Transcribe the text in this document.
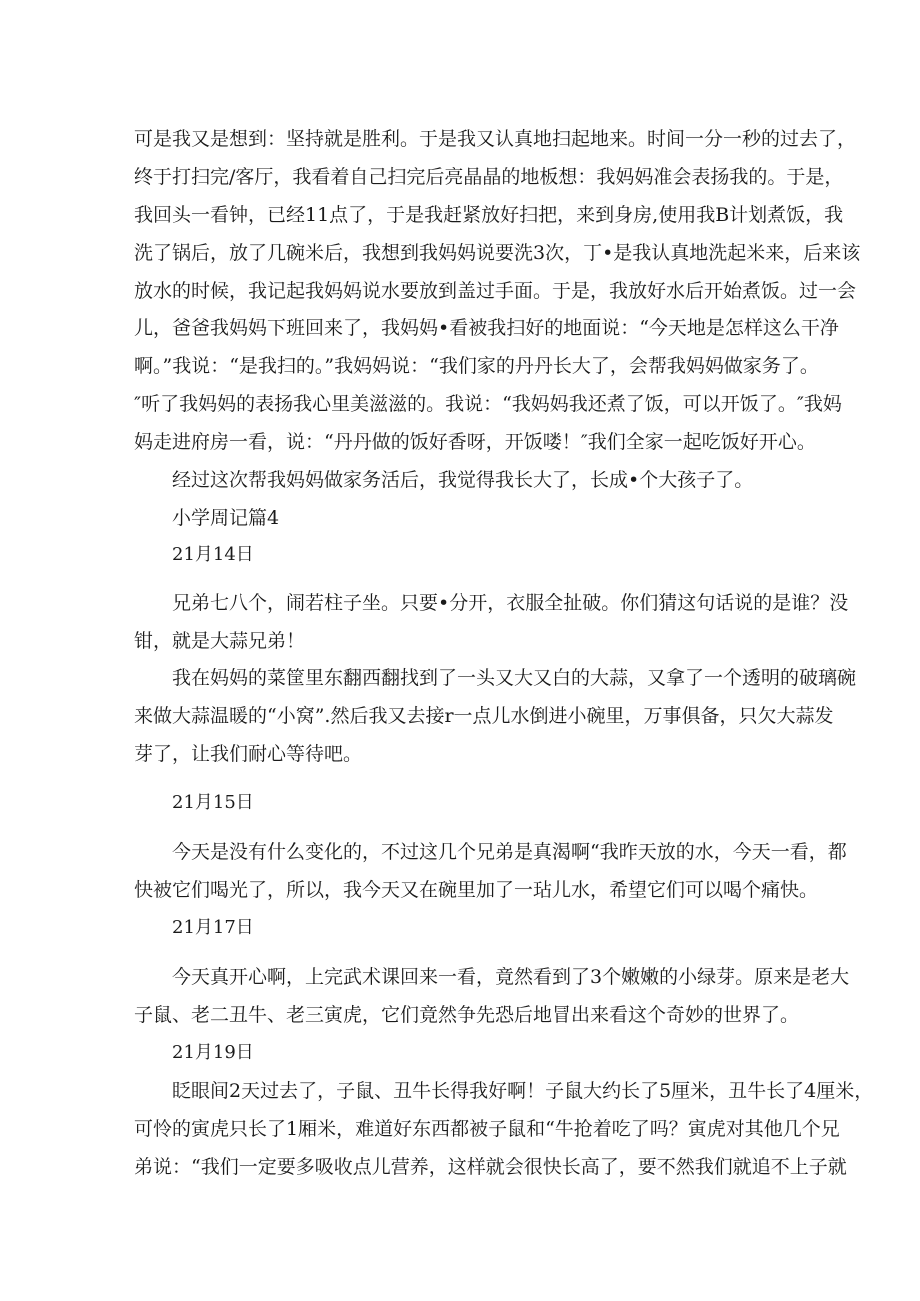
可是我又是想到：坚持就是胜利。于是我又认真地扫起地来。时间一分一秒的过去了，
终于打扫完/客厅，我看着自己扫完后亮晶晶的地板想：我妈妈准会表扬我的。于是，
我回头一看钟，已经11点了，于是我赶紧放好扫把，来到身房,使用我B计划煮饭，我
洗了锅后，放了几碗米后，我想到我妈妈说要洗3次，丁•是我认真地洗起米来，后来该
放水的时候，我记起我妈妈说水要放到盖过手面。于是，我放好水后开始煮饭。过一会
儿，爸爸我妈妈下班回来了，我妈妈•看被我扫好的地面说：“今天地是怎样这么干净
啊。”我说：“是我扫的。”我妈妈说：“我们家的丹丹长大了，会帮我妈妈做家务了。
″听了我妈妈的表扬我心里美滋滋的。我说：“我妈妈我还煮了饭，可以开饭了。″我妈
妈走进府房一看，说：“丹丹做的饭好香呀，开饭喽！″我们全家一起吃饭好开心。
经过这次帮我妈妈做家务活后，我觉得我长大了，长成•个大孩子了。
小学周记篇4
21月14日
兄弟七八个，闹若柱子坐。只要•分开，衣服全扯破。你们猜这句话说的是谁？没
钳，就是大蒜兄弟！
我在妈妈的菜筐里东翻西翻找到了一头又大又白的大蒜，又拿了一个透明的破璃碗
来做大蒜温暖的“小窝”.然后我又去接r一点儿水倒进小碗里，万事俱备，只欠大蒜发
芽了，让我们耐心等待吧。
21月15日
今天是没有什么变化的，不过这几个兄弟是真渴啊“我昨天放的水，今天一看，都
快被它们喝光了，所以，我今天又在碗里加了一玷儿水，希望它们可以喝个痛快。
21月17日
今天真开心啊，上完武术课回来一看，竟然看到了3个嫩嫩的小绿芽。原来是老大
子鼠、老二丑牛、老三寅虎，它们竟然争先恐后地冒出来看这个奇妙的世界了。
21月19日
眨眼间2天过去了，子鼠、丑牛长得我好啊！子鼠大约长了5厘米，丑牛长了4厘米，
可怜的寅虎只长了1厢米，难道好东西都被子鼠和“牛抢着吃了吗？寅虎对其他几个兄
弟说：“我们一定要多吸收点儿营养，这样就会很快长高了，要不然我们就追不上子就
